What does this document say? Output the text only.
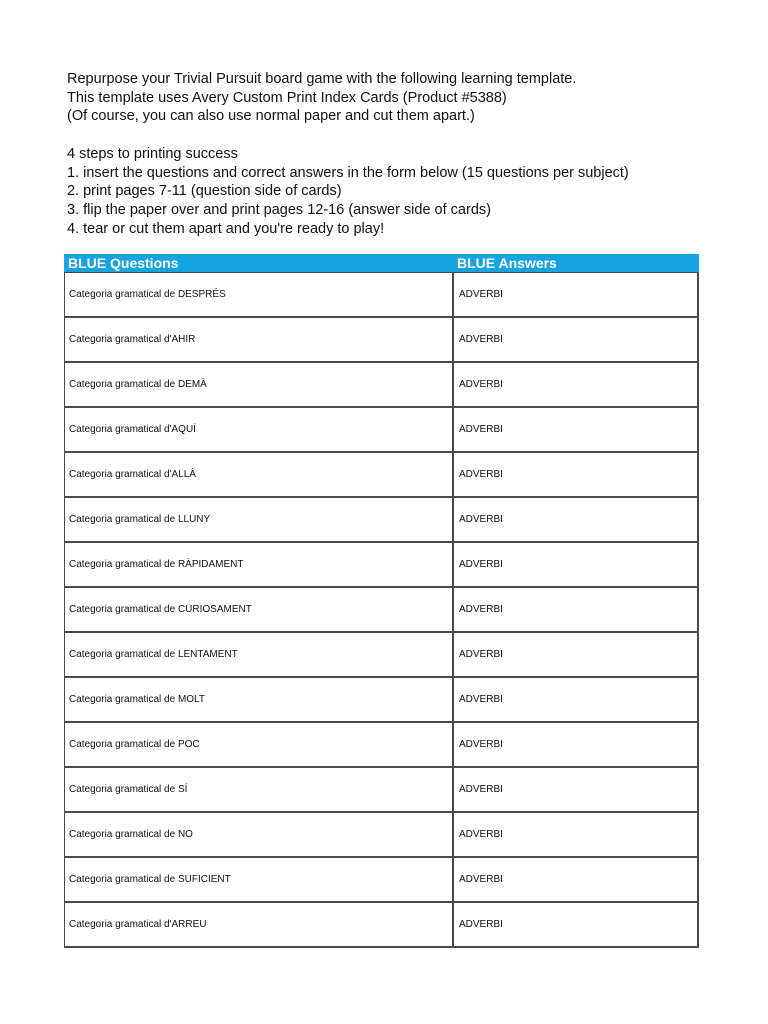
Repurpose your Trivial Pursuit board game with the following learning template.

This template uses Avery Custom Print Index Cards (Product #5388)

(Of course, you can also use normal paper and cut them apart.)

4 steps to printing success

1. insert the questions and correct answers in the form below (15 questions per subject)

2. print pages 7-11 (question side of cards)

3. flip the paper over and print pages 12-16 (answer side of cards)

4. tear or cut them apart and you're ready to play!

BLUE Questions	BLUE Answers
Categoria gramatical de DESPRÉS	ADVERBI
Categoria gramatical d'AHIR	ADVERBI
Categoria gramatical de DEMÀ	ADVERBI
Categoria gramatical d'AQUÍ	ADVERBI
Categoria gramatical d'ALLÀ	ADVERBI
Categoria gramatical de LLUNY	ADVERBI
Categoria gramatical de RÀPIDAMENT	ADVERBI
Categoria gramatical de CURIOSAMENT	ADVERBI
Categoria gramatical de LENTAMENT	ADVERBI
Categoria gramatical de MOLT	ADVERBI
Categoria gramatical de POC	ADVERBI
Categoria gramatical de SÍ	ADVERBI
Categoria gramatical de NO	ADVERBI
Categoria gramatical de SUFICIENT	ADVERBI
Categoria gramatical d'ARREU	ADVERBI
